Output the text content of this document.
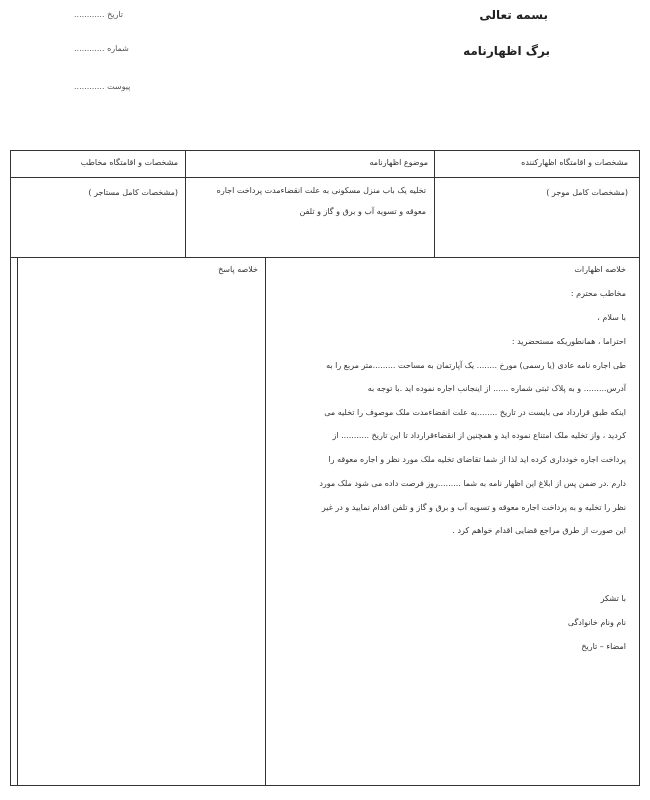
بسمه تعالی
برگ اظهارنامه
تاریخ ............
شماره ............
پیوست ............
مشخصات و اقامتگاه اظهارکننده
موضوع اظهارنامه
مشخصات و اقامتگاه مخاطب
(مشخصات کامل موجر )
تخلیه یک باب منزل مسکونی به علت انقضاءمدت پرداخت اجاره
معوقه و تسویه آب و برق و گاز و تلفن
(مشخصات کامل مستاجر )
خلاصه اظهارات
خلاصه پاسخ
مخاطب محترم :
با سلام ،
احتراما ، همانطوریکه مستحضرید :
طی اجاره نامه عادی (یا رسمی) مورخ ........ یک آپارتمان به مساحت .........متر مربع را به
آدرس......... و به پلاک ثبتی شماره ...... از اینجانب اجاره نموده اید .با توجه به
اینکه طبق قرارداد می بایست در تاریخ ........به علت انقضاءمدت ملک موصوف را تخلیه می
کردید ، واز تخلیه ملک امتناع نموده اید و همچنین از انقضاءقرارداد تا این تاریخ ........... از
پرداخت اجاره خودداری کرده اید لذا از شما تقاضای تخلیه ملک مورد نظر و اجاره معوقه را
دارم .در ضمن پس از ابلاغ این اظهار نامه به شما .........روز فرصت داده می شود ملک مورد
نظر را تخلیه و به پرداخت اجاره معوقه و تسویه آب و برق و گاز و تلفن اقدام نمایید و در غیر
این صورت از طرق مراجع قضایی اقدام خواهم کرد .
با تشکر
نام ونام خانوادگی
امضاء – تاریخ
